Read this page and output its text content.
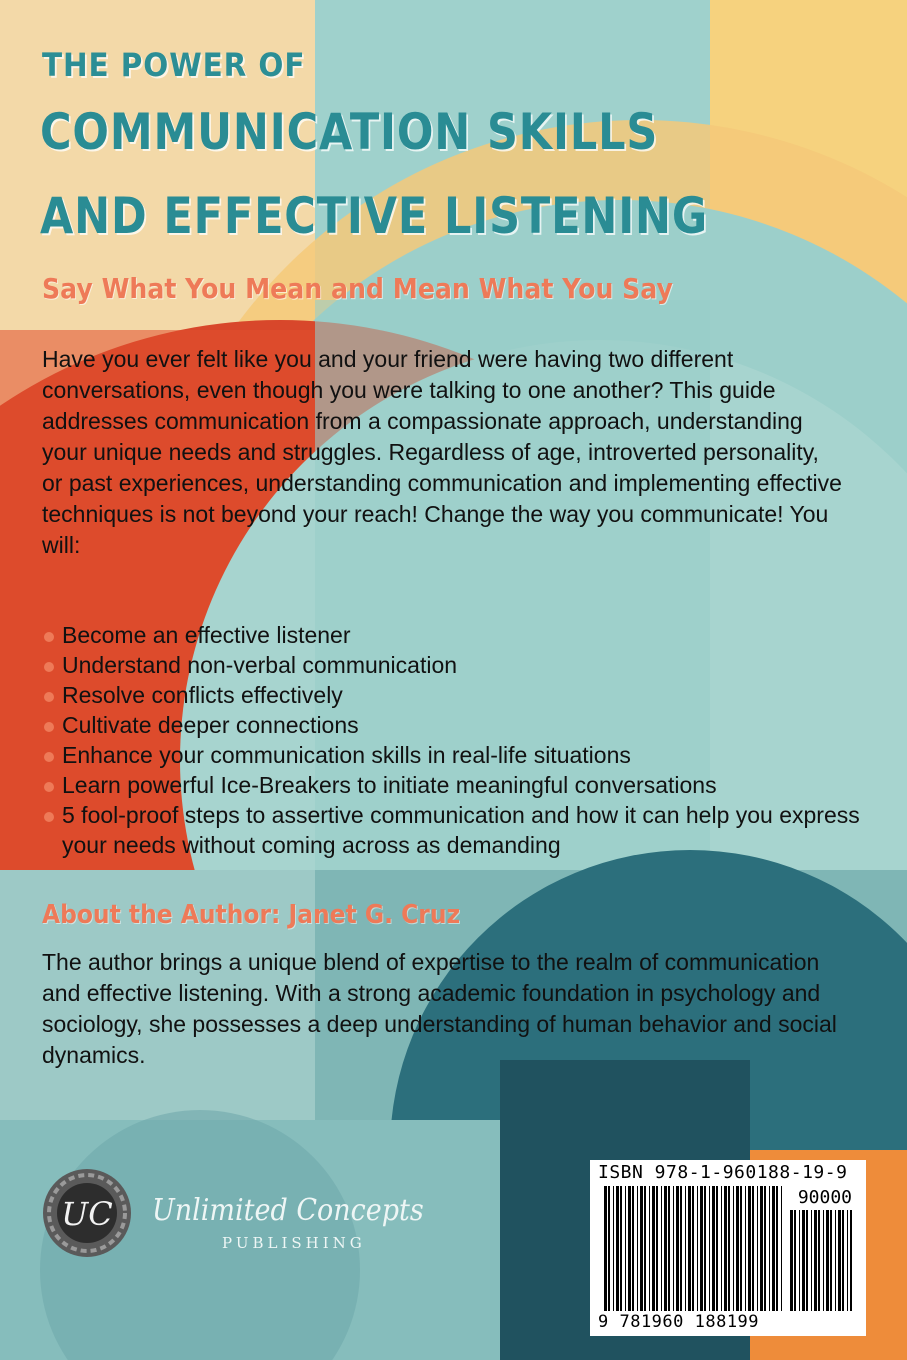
THE POWER OF
COMMUNICATION SKILLS
AND EFFECTIVE LISTENING
Say What You Mean and Mean What You Say

Have you ever felt like you and your friend were having two different conversations, even though you were talking to one another? This guide addresses communication from a compassionate approach, understanding your unique needs and struggles. Regardless of age, introverted personality, or past experiences, understanding communication and implementing effective techniques is not beyond your reach! Change the way you communicate! You will:

Become an effective listener
Understand non-verbal communication
Resolve conflicts effectively
Cultivate deeper connections
Enhance your communication skills in real-life situations
Learn powerful Ice-Breakers to initiate meaningful conversations
5 fool-proof steps to assertive communication and how it can help you express your needs without coming across as demanding
About the Author: Janet G. Cruz

The author brings a unique blend of expertise to the realm of communication and effective listening. With a strong academic foundation in psychology and sociology, she possesses a deep understanding of human behavior and social dynamics.

UC Unlimited Concepts
PUBLISHING
ISBN 978-1-960188-19-9
90000
9 781960 188199
